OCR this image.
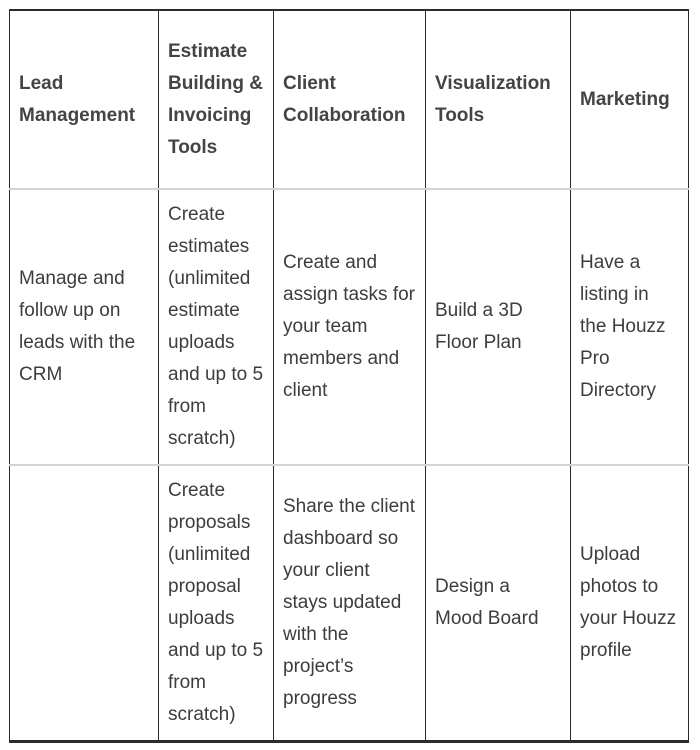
Lead Management	Estimate Building & Invoicing Tools	Client Collaboration	Visualization Tools	Marketing
Manage and follow up on leads with the CRM	Create estimates (unlimited estimate uploads and up to 5 from scratch)	Create and assign tasks for your team members and client	Build a 3D Floor Plan	Have a listing in the Houzz Pro Directory
	Create proposals (unlimited proposal uploads and up to 5 from scratch)	Share the client dashboard so your client stays updated with the project’s progress	Design a Mood Board	Upload photos to your Houzz profile
